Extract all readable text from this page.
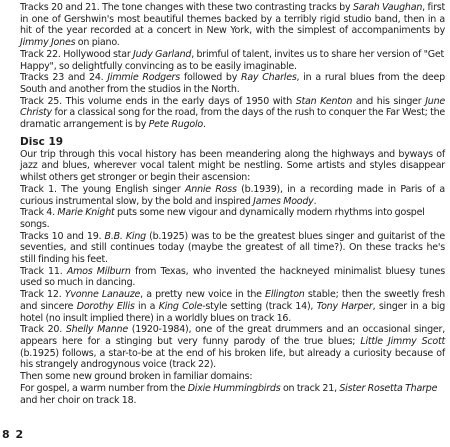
Tracks 20 and 21. The tone changes with these two contrasting tracks by Sarah Vaughan, first in one of Gershwin's most beautiful themes backed by a terribly rigid studio band, then in a hit of the year recorded at a concert in New York, with the simplest of accompaniments by Jimmy Jones on piano.

Track 22. Hollywood star Judy Garland, brimful of talent, invites us to share her version of "Get Happy", so delightfully convincing as to be easily imaginable.

Tracks 23 and 24. Jimmie Rodgers followed by Ray Charles, in a rural blues from the deep South and another from the studios in the North.

Track 25. This volume ends in the early days of 1950 with Stan Kenton and his singer June Christy for a classical song for the road, from the days of the rush to conquer the Far West; the dramatic arrangement is by Pete Rugolo.

Disc 19

Our trip through this vocal history has been meandering along the highways and byways of jazz and blues, wherever vocal talent might be nestling. Some artists and styles disappear whilst others get stronger or begin their ascension:

Track 1. The young English singer Annie Ross (b.1939), in a recording made in Paris of a curious instrumental slow, by the bold and inspired James Moody.

Track 4. Marie Knight puts some new vigour and dynamically modern rhythms into gospel songs.

Tracks 10 and 19. B.B. King (b.1925) was to be the greatest blues singer and guitarist of the seventies, and still continues today (maybe the greatest of all time?). On these tracks he's still finding his feet.

Track 11. Amos Milburn from Texas, who invented the hackneyed minimalist bluesy tunes used so much in dancing.

Track 12. Yvonne Lanauze, a pretty new voice in the Ellington stable; then the sweetly fresh and sincere Dorothy Ellis in a King Cole-style setting (track 14), Tony Harper, singer in a big hotel (no insult implied there) in a worldly blues on track 16.

Track 20. Shelly Manne (1920-1984), one of the great drummers and an occasional singer, appears here for a stinging but very funny parody of the true blues; Little Jimmy Scott (b.1925) follows, a star-to-be at the end of his broken life, but already a curiosity because of his strangely androgynous voice (track 22).

Then some new ground broken in familiar domains:

For gospel, a warm number from the Dixie Hummingbirds on track 21, Sister Rosetta Tharpe and her choir on track 18.

8 2
